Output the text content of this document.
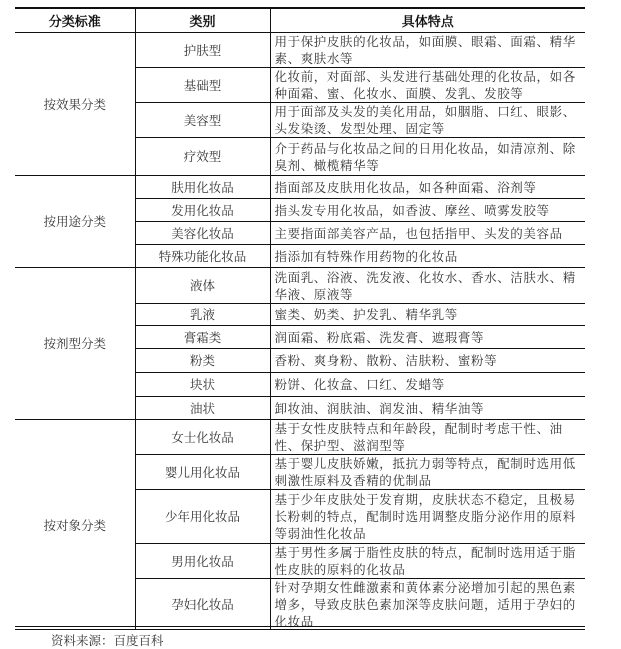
分类标准	类别	具体特点
按效果分类	护肤型	用于保护皮肤的化妆品，如面膜、眼霜、面霜、精华素、爽肤水等
	基础型	化妆前，对面部、头发进行基础处理的化妆品，如各种面霜、蜜、化妆水、面膜、发乳、发胶等
	美容型	用于面部及头发的美化用品，如胭脂、口红、眼影、头发染烫、发型处理、固定等
	疗效型	介于药品与化妆品之间的日用化妆品，如清凉剂、除臭剂、橄榄精华等
按用途分类	肤用化妆品	指面部及皮肤用化妆品，如各种面霜、浴剂等
	发用化妆品	指头发专用化妆品，如香波、摩丝、喷雾发胶等
	美容化妆品	主要指面部美容产品，也包括指甲、头发的美容品
	特殊功能化妆品	指添加有特殊作用药物的化妆品
按剂型分类	液体	洗面乳、浴液、洗发液、化妆水、香水、洁肤水、精华液、原液等
	乳液	蜜类、奶类、护发乳、精华乳等
	膏霜类	润面霜、粉底霜、洗发膏、遮瑕膏等
	粉类	香粉、爽身粉、散粉、洁肤粉、蜜粉等
	块状	粉饼、化妆盒、口红、发蜡等
	油状	卸妆油、润肤油、润发油、精华油等
按对象分类	女士化妆品	基于女性皮肤特点和年龄段，配制时考虑干性、油性、保护型、滋润型等
	婴儿用化妆品	基于婴儿皮肤娇嫩，抵抗力弱等特点，配制时选用低刺激性原料及香精的优制品
	少年用化妆品	基于少年皮肤处于发育期，皮肤状态不稳定，且极易长粉刺的特点，配制时选用调整皮脂分泌作用的原料等弱油性化妆品
	男用化妆品	基于男性多属于脂性皮肤的特点，配制时选用适于脂性皮肤的原料的化妆品
	孕妇化妆品	针对孕期女性雌激素和黄体素分泌增加引起的黑色素增多，导致皮肤色素加深等皮肤问题，适用于孕妇的化妆品
资料来源：百度百科
